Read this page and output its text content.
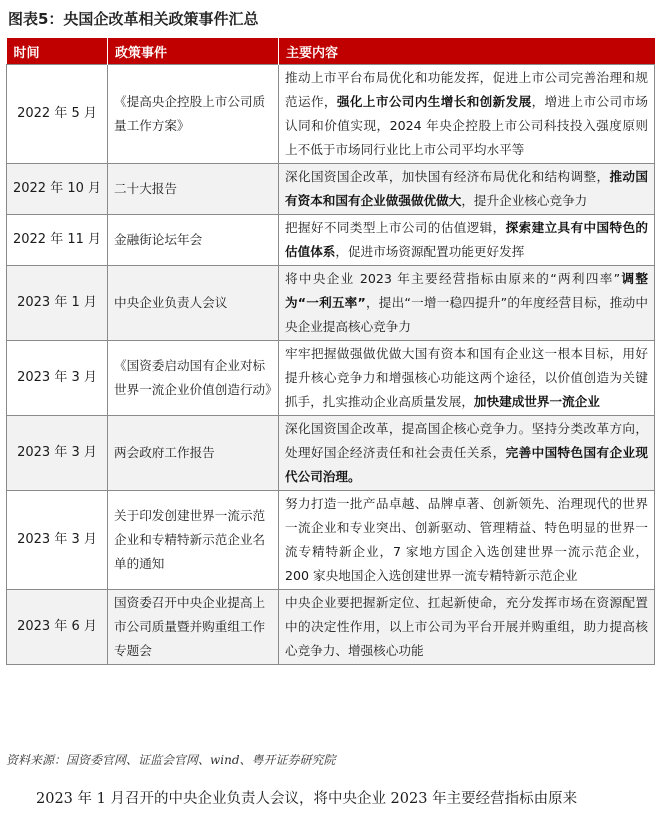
图表5：央国企改革相关政策事件汇总
时间	政策事件	主要内容
2022 年 5 月	《提高央企控股上市公司质量工作方案》	推动上市平台布局优化和功能发挥，促进上市公司完善治理和规范运作，强化上市公司内生增长和创新发展，增进上市公司市场认同和价值实现，2024 年央企控股上市公司科技投入强度原则上不低于市场同行业比上市公司平均水平等
2022 年 10 月	二十大报告	深化国资国企改革，加快国有经济布局优化和结构调整，推动国有资本和国有企业做强做优做大，提升企业核心竞争力
2022 年 11 月	金融街论坛年会	把握好不同类型上市公司的估值逻辑，探索建立具有中国特色的估值体系，促进市场资源配置功能更好发挥
2023 年 1 月	中央企业负责人会议	将中央企业 2023 年主要经营指标由原来的“两利四率”调整为“一利五率”，提出“一增一稳四提升”的年度经营目标，推动中央企业提高核心竞争力
2023 年 3 月	《国资委启动国有企业对标世界一流企业价值创造行动》	牢牢把握做强做优做大国有资本和国有企业这一根本目标，用好提升核心竞争力和增强核心功能这两个途径，以价值创造为关键抓手，扎实推动企业高质量发展，加快建成世界一流企业
2023 年 3 月	两会政府工作报告	深化国资国企改革，提高国企核心竞争力。坚持分类改革方向，处理好国企经济责任和社会责任关系，完善中国特色国有企业现代公司治理。
2023 年 3 月	关于印发创建世界一流示范企业和专精特新示范企业名单的通知	努力打造一批产品卓越、品牌卓著、创新领先、治理现代的世界一流企业和专业突出、创新驱动、管理精益、特色明显的世界一流专精特新企业，7 家地方国企入选创建世界一流示范企业，200 家央地国企入选创建世界一流专精特新示范企业
2023 年 6 月	国资委召开中央企业提高上市公司质量暨并购重组工作专题会	中央企业要把握新定位、扛起新使命，充分发挥市场在资源配置中的决定性作用，以上市公司为平台开展并购重组，助力提高核心竞争力、增强核心功能
资料来源：国资委官网、证监会官网、wind、粤开证券研究院
2023 年 1 月召开的中央企业负责人会议，将中央企业 2023 年主要经营指标由原来
